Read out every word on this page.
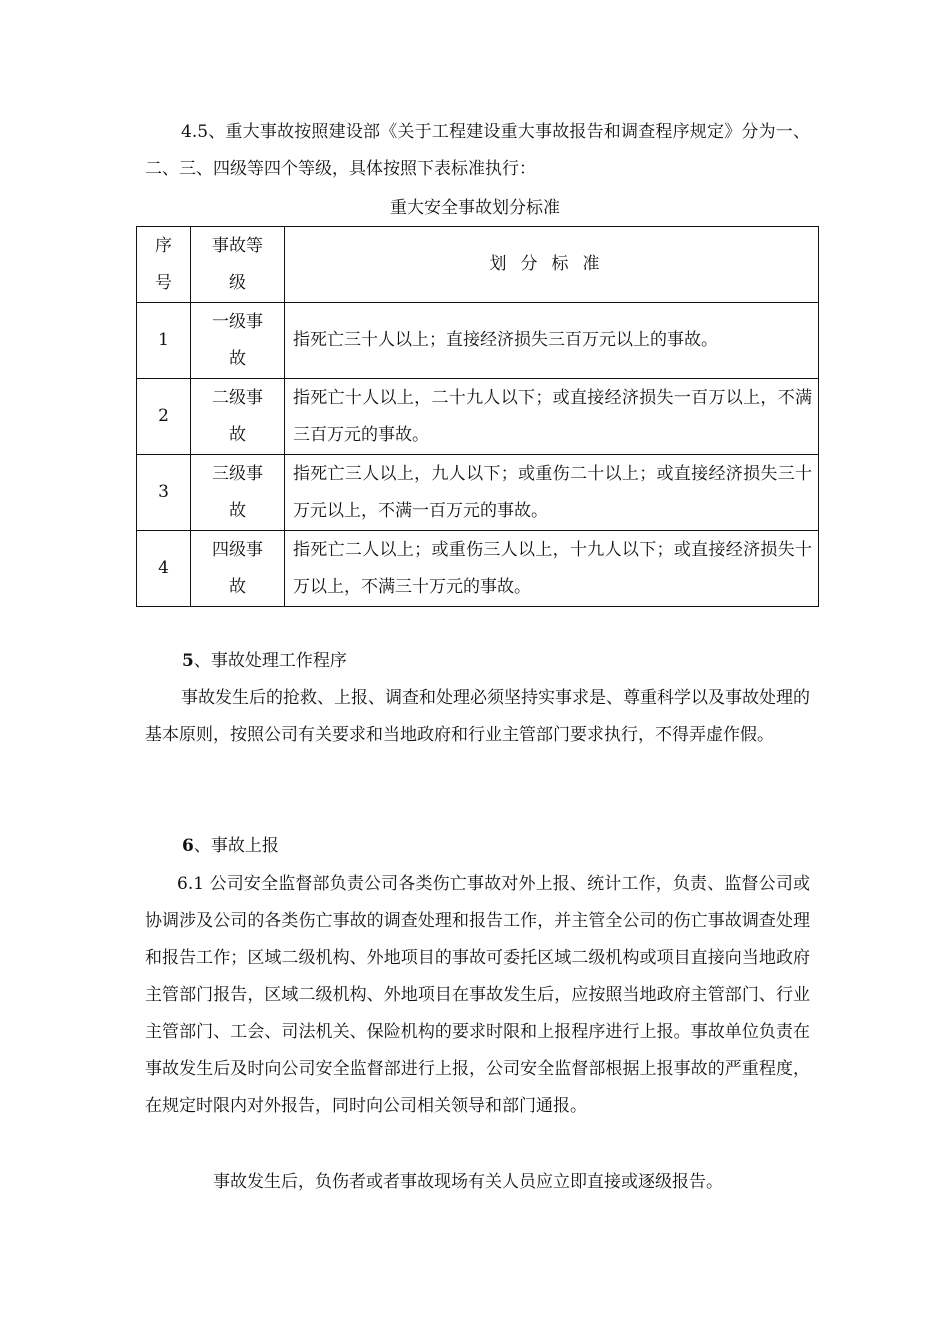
4.5、重大事故按照建设部《关于工程建设重大事故报告和调查程序规定》分为一、二、三、四级等四个等级，具体按照下表标准执行：

重大安全事故划分标准
序号	事故等级	划分标准
1	一级事故	指死亡三十人以上；直接经济损失三百万元以上的事故。
2	二级事故	指死亡十人以上，二十九人以下；或直接经济损失一百万以上，不满三百万元的事故。
3	三级事故	指死亡三人以上，九人以下；或重伤二十以上；或直接经济损失三十万元以上，不满一百万元的事故。
4	四级事故	指死亡二人以上；或重伤三人以上，十九人以下；或直接经济损失十万以上，不满三十万元的事故。
5、事故处理工作程序

事故发生后的抢救、上报、调查和处理必须坚持实事求是、尊重科学以及事故处理的基本原则，按照公司有关要求和当地政府和行业主管部门要求执行，不得弄虚作假。

6、事故上报

6.1 公司安全监督部负责公司各类伤亡事故对外上报、统计工作，负责、监督公司或协调涉及公司的各类伤亡事故的调查处理和报告工作，并主管全公司的伤亡事故调查处理和报告工作；区域二级机构、外地项目的事故可委托区域二级机构或项目直接向当地政府主管部门报告，区域二级机构、外地项目在事故发生后，应按照当地政府主管部门、行业主管部门、工会、司法机关、保险机构的要求时限和上报程序进行上报。事故单位负责在事故发生后及时向公司安全监督部进行上报，公司安全监督部根据上报事故的严重程度，在规定时限内对外报告，同时向公司相关领导和部门通报。

事故发生后，负伤者或者事故现场有关人员应立即直接或逐级报告。
